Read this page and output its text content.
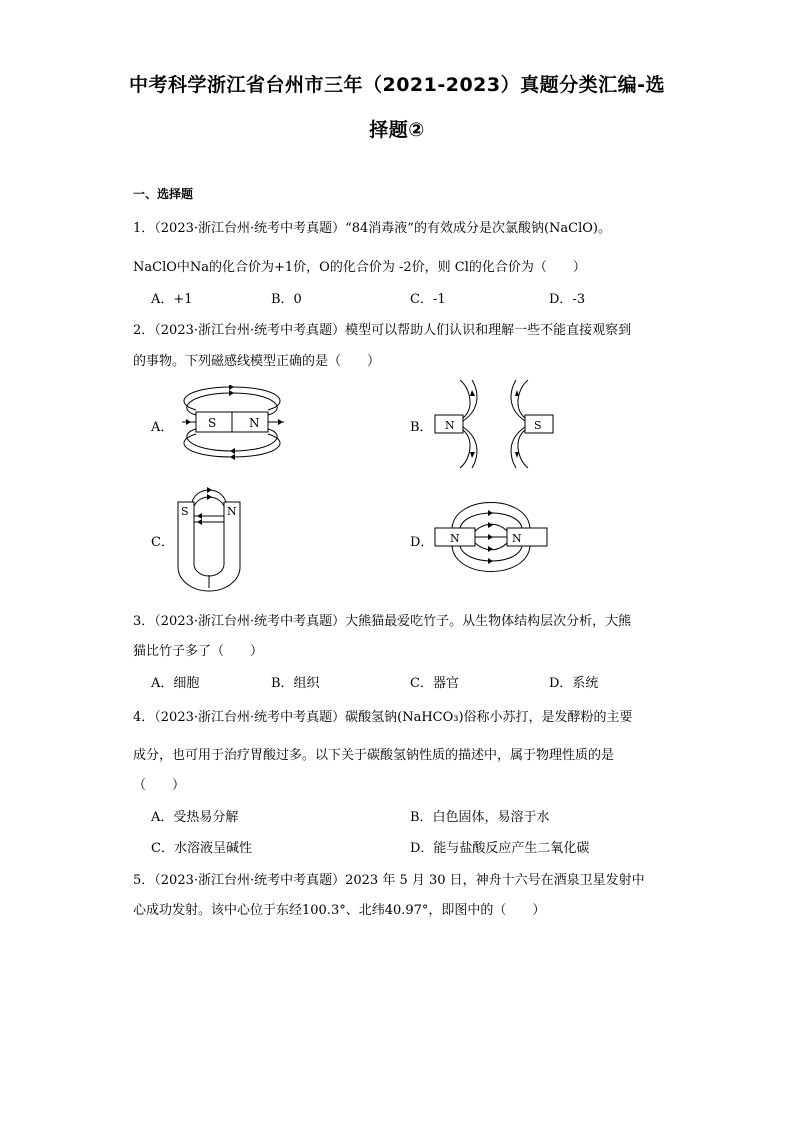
中考科学浙江省台州市三年（2021-2023）真题分类汇编-选
择题②
一、选择题
1．（2023·浙江台州·统考中考真题）“84消毒液”的有效成分是次氯酸钠(NaClO)。
NaClO中Na的化合价为+1价，O的化合价为 -2价，则 Cl的化合价为（　　）
A．+1	B．0	C．-1	D．-3
2．（2023·浙江台州·统考中考真题）模型可以帮助人们认识和理解一些不能直接观察到
的事物。下列磁感线模型正确的是（　　）
A．	B．
C．	D．
S	N	N	S
S	N
N	N
3．（2023·浙江台州·统考中考真题）大熊猫最爱吃竹子。从生物体结构层次分析，大熊
猫比竹子多了（　　）
A．细胞	B．组织	C．器官	D．系统
4．（2023·浙江台州·统考中考真题）碳酸氢钠(NaHCO₃)俗称小苏打，是发酵粉的主要
成分，也可用于治疗胃酸过多。以下关于碳酸氢钠性质的描述中，属于物理性质的是
（　　）
A．受热易分解	B．白色固体，易溶于水
C．水溶液呈碱性	D．能与盐酸反应产生二氧化碳
5．（2023·浙江台州·统考中考真题）2023 年 5 月 30 日，神舟十六号在酒泉卫星发射中
心成功发射。该中心位于东经100.3°、北纬40.97°，即图中的（　　）
